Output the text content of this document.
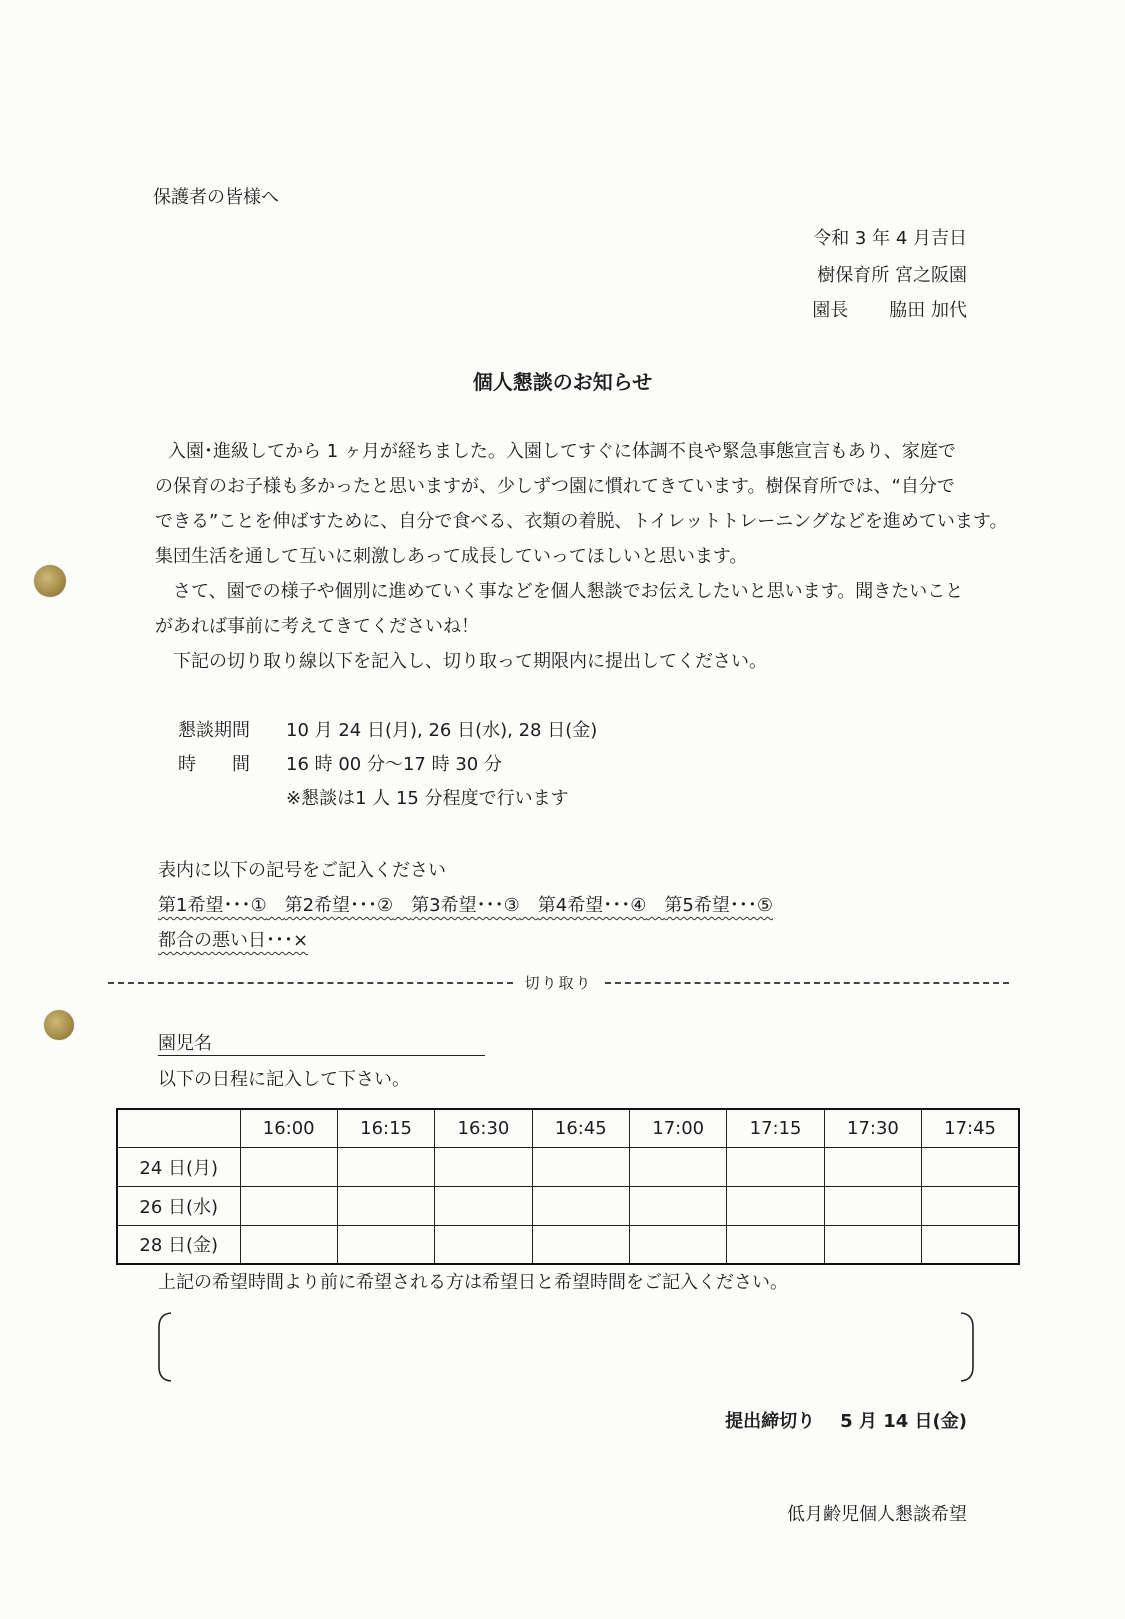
保護者の皆様へ
令和 3 年 4 月吉日
樹保育所 宮之阪園
園長 脇田 加代
個人懇談のお知らせ
入園･進級してから 1 ヶ月が経ちました。入園してすぐに体調不良や緊急事態宣言もあり、家庭で
の保育のお子様も多かったと思いますが、少しずつ園に慣れてきています。樹保育所では、“自分で
できる”ことを伸ばすために、自分で食べる、衣類の着脱、トイレットトレーニングなどを進めています。
集団生活を通して互いに刺激しあって成長していってほしいと思います。
さて、園での様子や個別に進めていく事などを個人懇談でお伝えしたいと思います。聞きたいこと
があれば事前に考えてきてくださいね！
下記の切り取り線以下を記入し、切り取って期限内に提出してください。
懇談期間	10 月 24 日(月), 26 日(水), 28 日(金)
時　　間	16 時 00 分～17 時 30 分
※懇談は1 人 15 分程度で行います
表内に以下の記号をご記入ください
第1希望･･･①  第2希望･･･②  第3希望･･･③  第4希望･･･④  第5希望･･･⑤
都合の悪い日･･･×
切り取り
園児名
以下の日程に記入して下さい。
	16:00	16:15	16:30	16:45	17:00	17:15	17:30	17:45
24 日(月)								
26 日(水)								
28 日(金)								
上記の希望時間より前に希望される方は希望日と希望時間をご記入ください。
提出締切り 5 月 14 日(金)
低月齢児個人懇談希望
